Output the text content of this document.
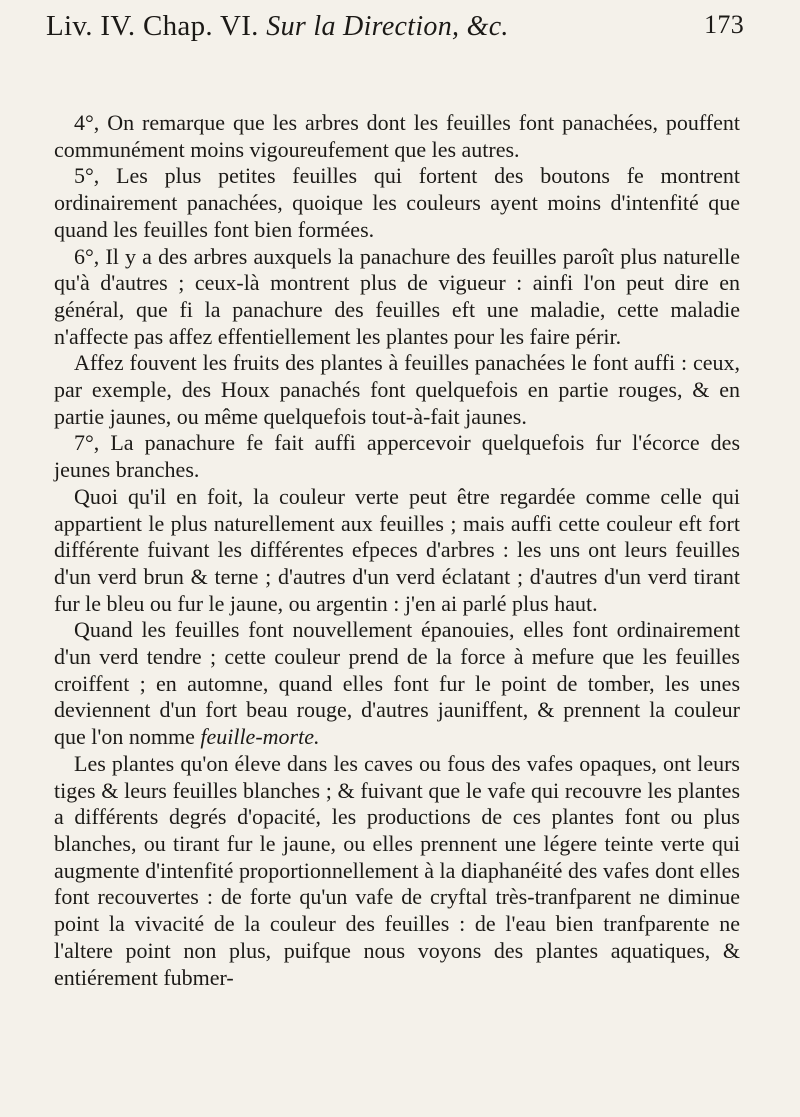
Liv. IV. Chap. VI. Sur la Direction, &c.	173

4°, On remarque que les arbres dont les feuilles font panachées, pouffent communément moins vigoureufement que les autres.

5°, Les plus petites feuilles qui fortent des boutons fe montrent ordinairement panachées, quoique les couleurs ayent moins d'intenfité que quand les feuilles font bien formées.

6°, Il y a des arbres auxquels la panachure des feuilles paroît plus naturelle qu'à d'autres ; ceux-là montrent plus de vigueur : ainfi l'on peut dire en général, que fi la panachure des feuilles eft une maladie, cette maladie n'affecte pas affez effentiellement les plantes pour les faire périr.

Affez fouvent les fruits des plantes à feuilles panachées le font auffi : ceux, par exemple, des Houx panachés font quelquefois en partie rouges, & en partie jaunes, ou même quelquefois tout-à-fait jaunes.

7°, La panachure fe fait auffi appercevoir quelquefois fur l'écorce des jeunes branches.

Quoi qu'il en foit, la couleur verte peut être regardée comme celle qui appartient le plus naturellement aux feuilles ; mais auffi cette couleur eft fort différente fuivant les différentes efpeces d'arbres : les uns ont leurs feuilles d'un verd brun & terne ; d'autres d'un verd éclatant ; d'autres d'un verd tirant fur le bleu ou fur le jaune, ou argentin : j'en ai parlé plus haut.

Quand les feuilles font nouvellement épanouies, elles font ordinairement d'un verd tendre ; cette couleur prend de la force à mefure que les feuilles croiffent ; en automne, quand elles font fur le point de tomber, les unes deviennent d'un fort beau rouge, d'autres jauniffent, & prennent la couleur que l'on nomme feuille-morte.

Les plantes qu'on éleve dans les caves ou fous des vafes opaques, ont leurs tiges & leurs feuilles blanches ; & fuivant que le vafe qui recouvre les plantes a différents degrés d'opacité, les productions de ces plantes font ou plus blanches, ou tirant fur le jaune, ou elles prennent une légere teinte verte qui augmente d'intenfité proportionnellement à la diaphanéité des vafes dont elles font recouvertes : de forte qu'un vafe de cryftal très-tranfparent ne diminue point la vivacité de la couleur des feuilles : de l'eau bien tranfparente ne l'altere point non plus, puifque nous voyons des plantes aquatiques, & entiérement fubmer-
